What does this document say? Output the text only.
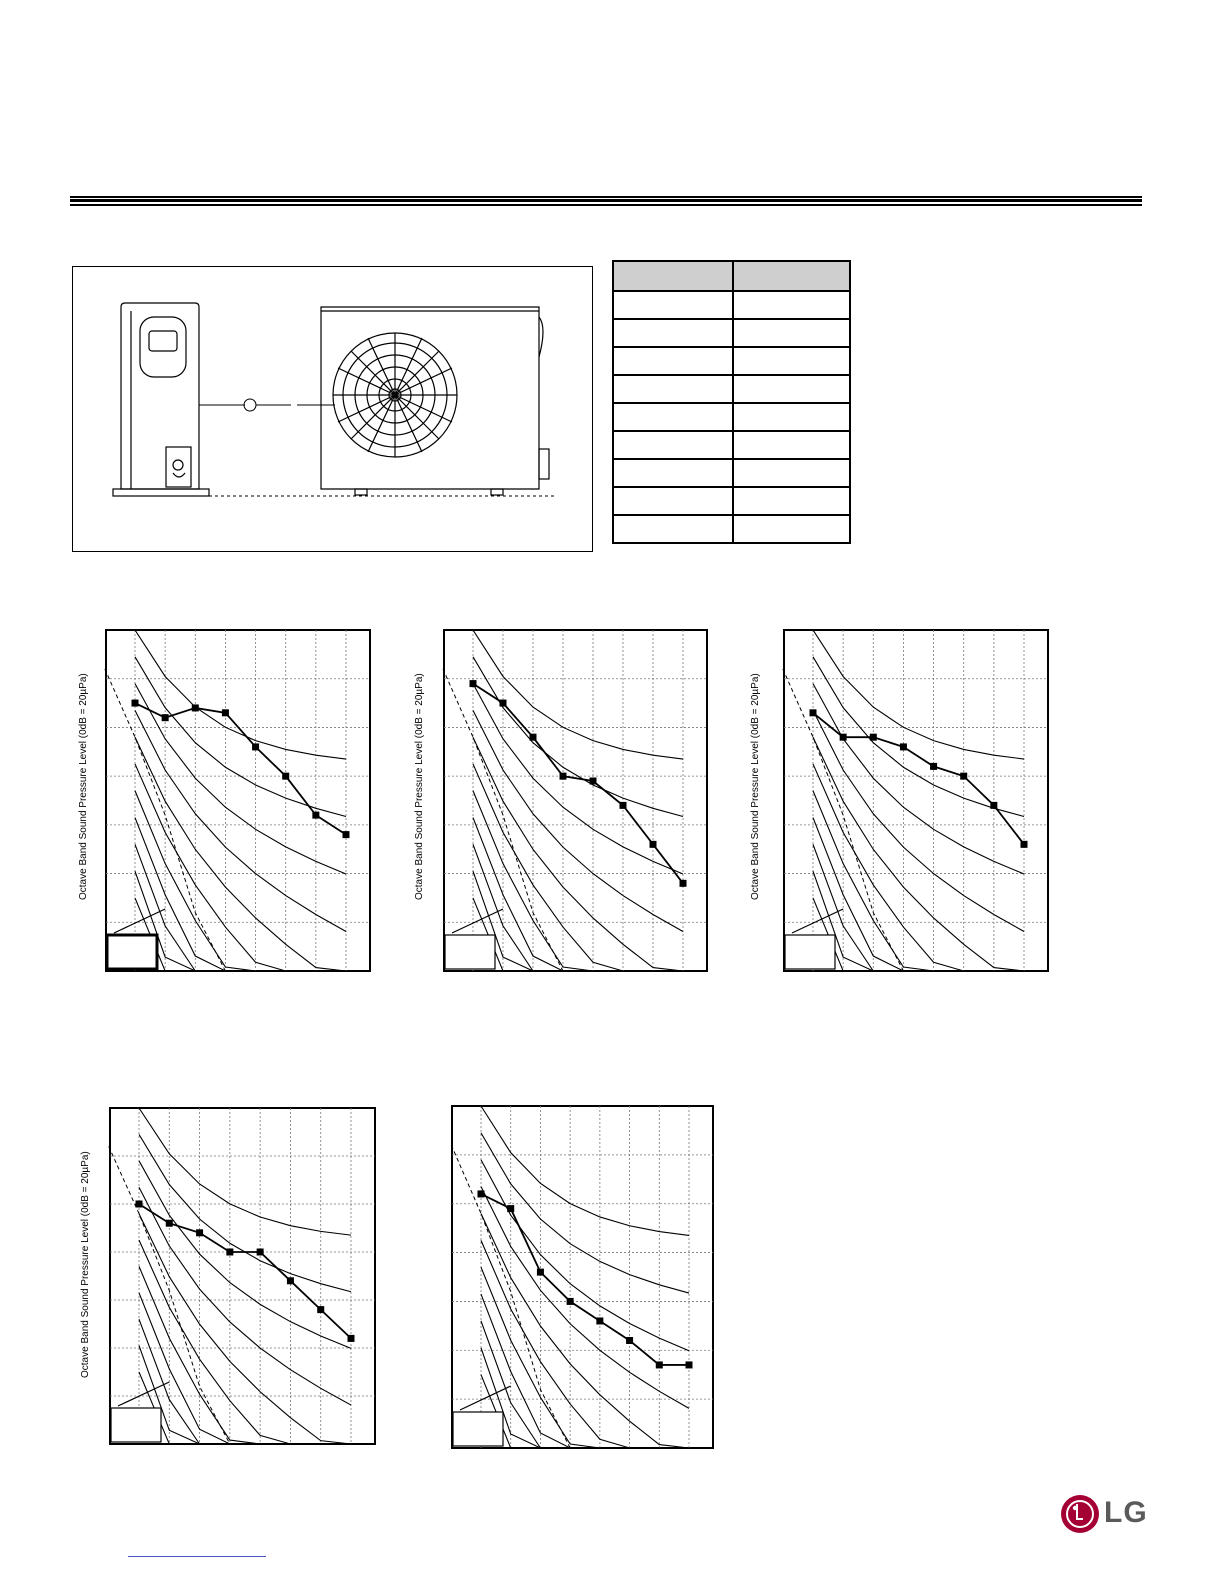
Octave Band Sound Pressure Level (0dB = 20µPa)	Octave Band Sound Pressure Level (0dB = 20µPa)	Octave Band Sound Pressure Level (0dB = 20µPa)
Octave Band Sound Pressure Level (0dB = 20µPa)
LG
